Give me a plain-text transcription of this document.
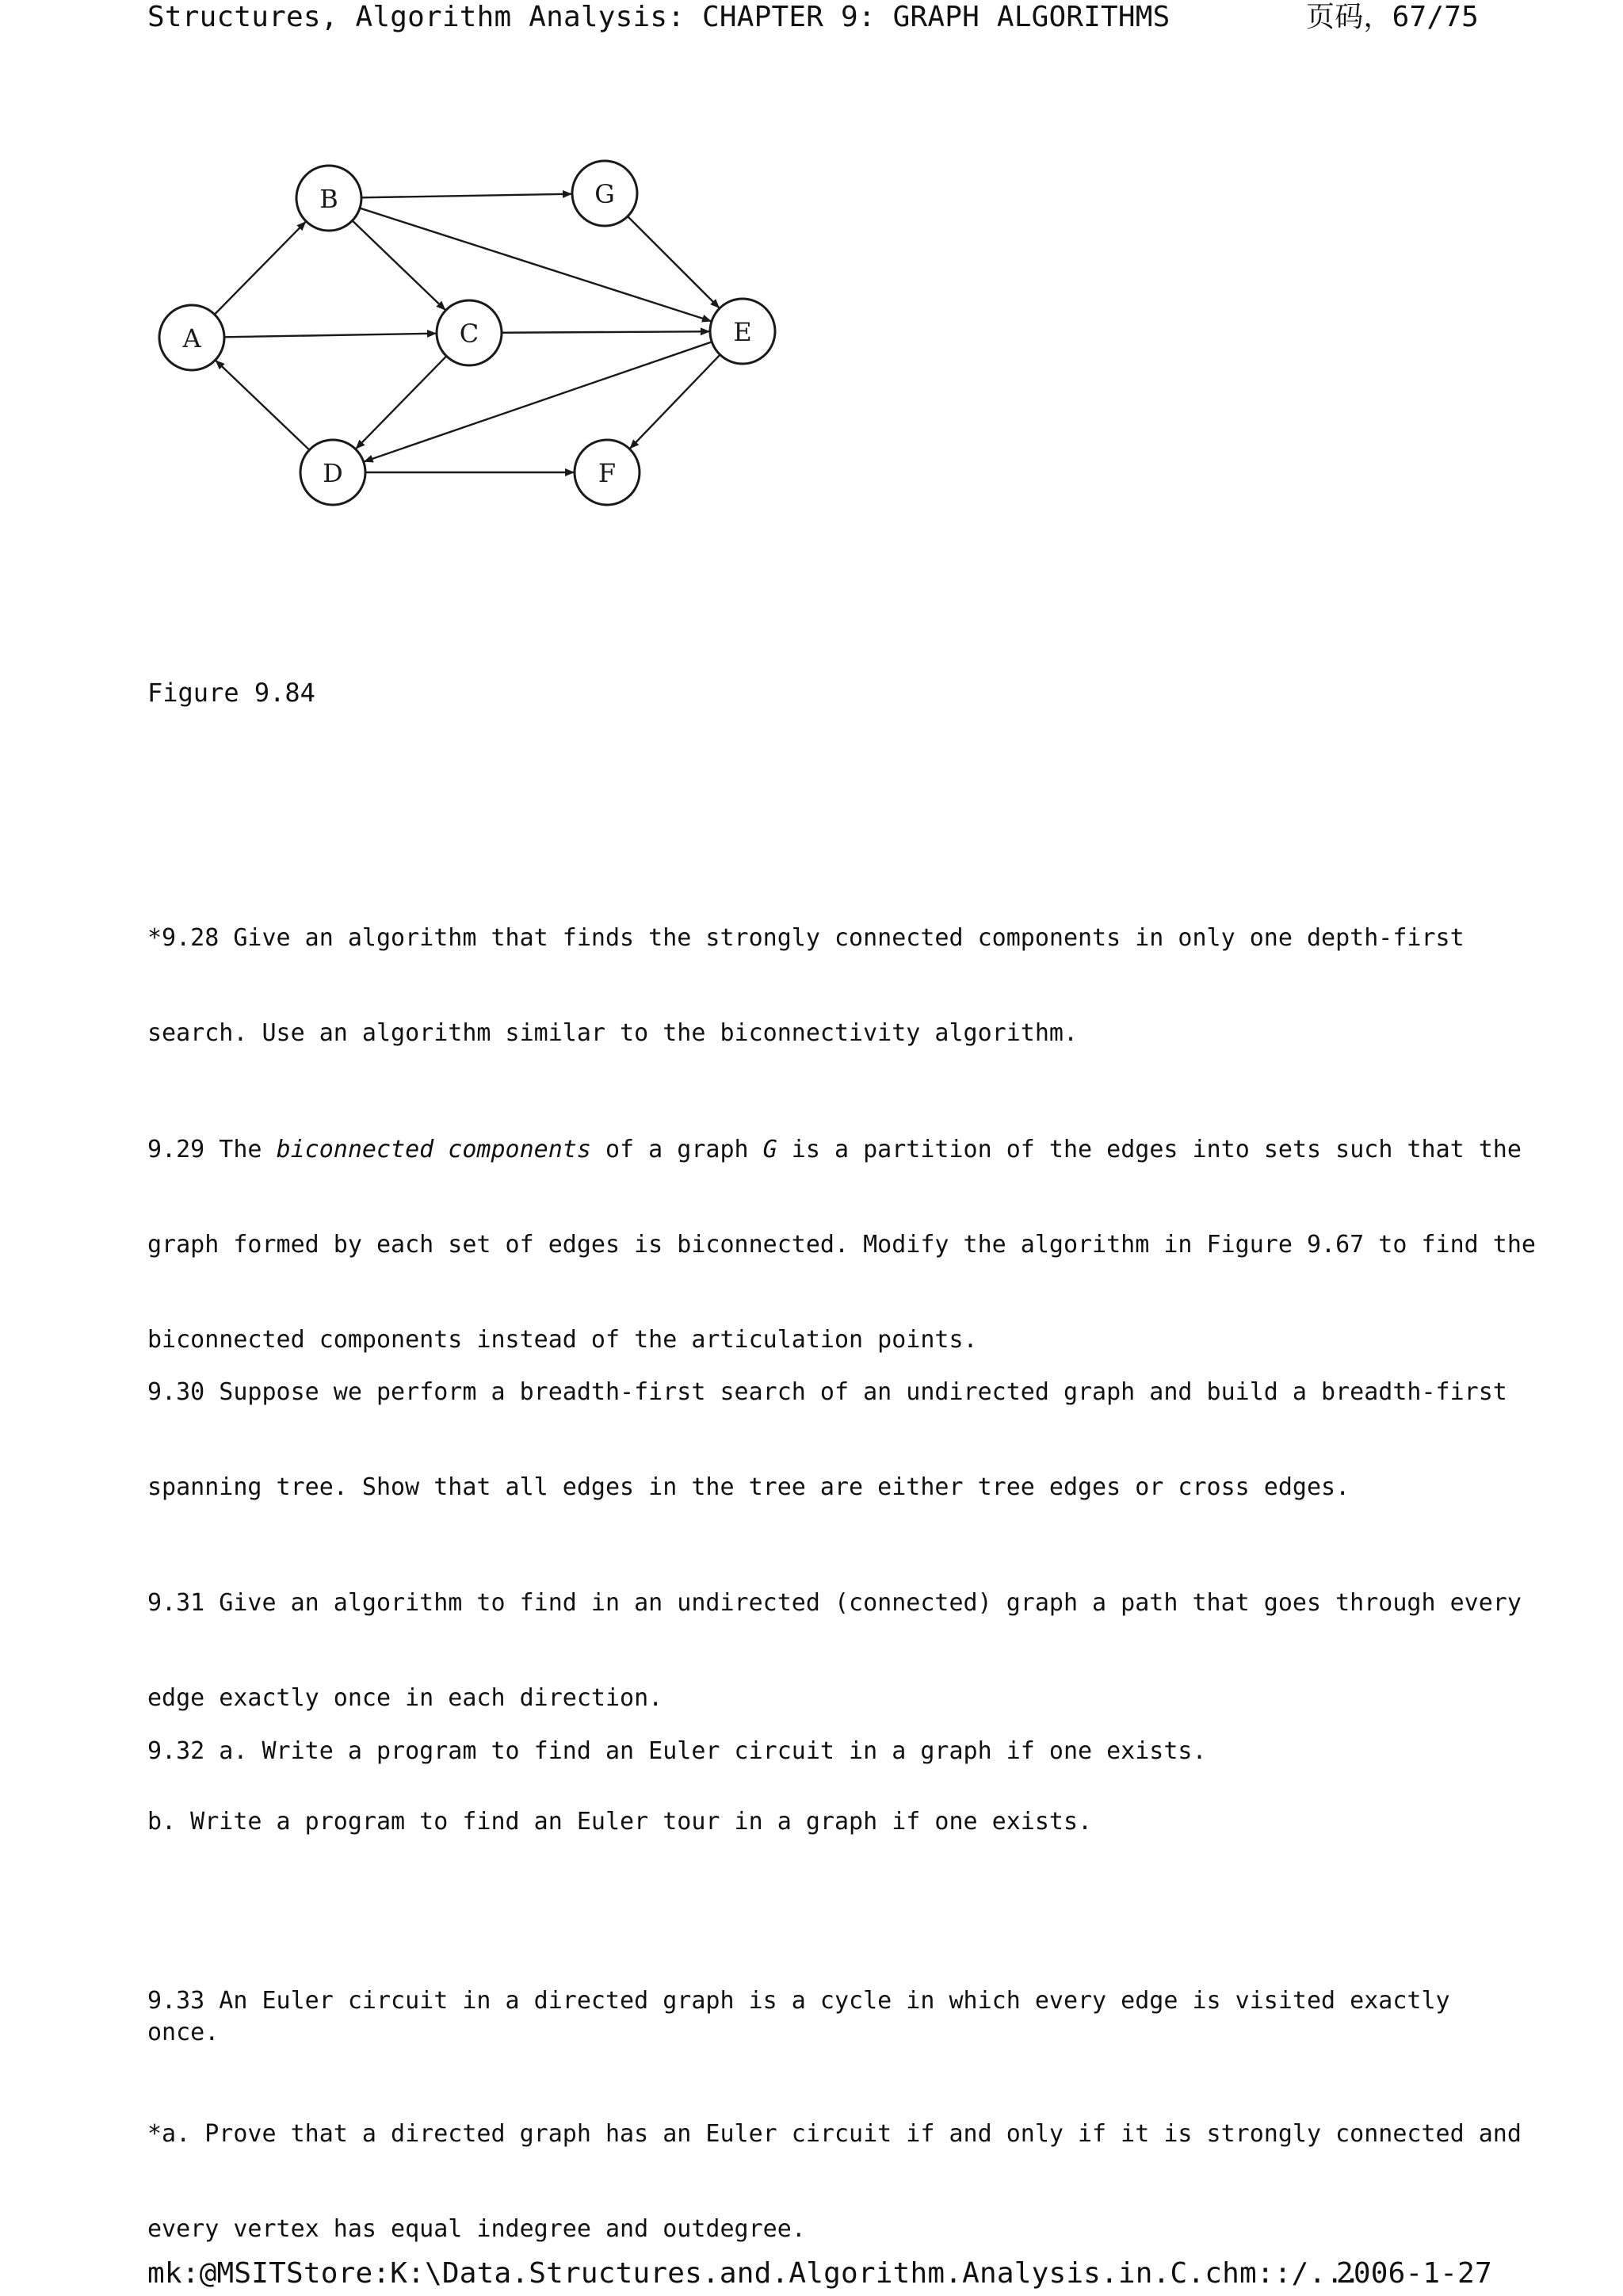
Structures, Algorithm Analysis: CHAPTER 9: GRAPH ALGORITHMS	页码，67/75
A
B
C
D
E
F
G
Figure 9.84

*9.28 Give an algorithm that finds the strongly connected components in only one depth-first

search. Use an algorithm similar to the biconnectivity algorithm.

9.29 The biconnected components of a graph G is a partition of the edges into sets such that the

graph formed by each set of edges is biconnected. Modify the algorithm in Figure 9.67 to find the

biconnected components instead of the articulation points.

9.30 Suppose we perform a breadth-first search of an undirected graph and build a breadth-first

spanning tree. Show that all edges in the tree are either tree edges or cross edges.

9.31 Give an algorithm to find in an undirected (connected) graph a path that goes through every

edge exactly once in each direction.

9.32 a. Write a program to find an Euler circuit in a graph if one exists.
b. Write a program to find an Euler tour in a graph if one exists.
9.33 An Euler circuit in a directed graph is a cycle in which every edge is visited exactly once.

*a. Prove that a directed graph has an Euler circuit if and only if it is strongly connected and

every vertex has equal indegree and outdegree.

mk:@MSITStore:K:\Data.Structures.and.Algorithm.Analysis.in.C.chm::/...
2006-1-27
